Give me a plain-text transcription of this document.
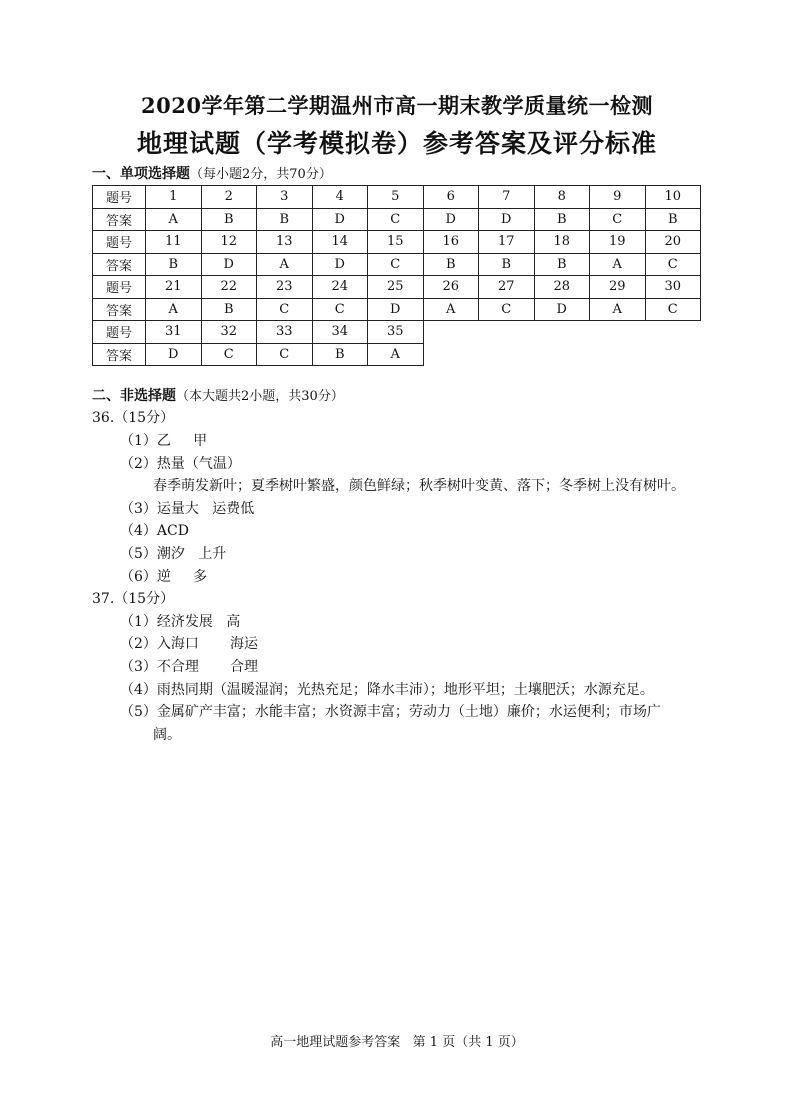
2020学年第二学期温州市高一期末教学质量统一检测
地理试题（学考模拟卷）参考答案及评分标准
一、单项选择题（每小题2分，共70分）
题号	1	2	3	4	5	6	7	8	9	10
答案	A	B	B	D	C	D	D	B	C	B
题号	11	12	13	14	15	16	17	18	19	20
答案	B	D	A	D	C	B	B	B	A	C
题号	21	22	23	24	25	26	27	28	29	30
答案	A	B	C	C	D	A	C	D	A	C
题号	31	32	33	34	35					
答案	D	C	C	B	A					
二、非选择题（本大题共2小题，共30分）
36.（15分）
（1）乙     甲
（2）热量（气温）
春季萌发新叶；夏季树叶繁盛，颜色鲜绿；秋季树叶变黄、落下；冬季树上没有树叶。
（3）运量大   运费低
（4）ACD
（5）潮汐   上升
（6）逆     多
37.（15分）
（1）经济发展   高
（2）入海口       海运
（3）不合理       合理
（4）雨热同期（温暖湿润；光热充足；降水丰沛）；地形平坦；土壤肥沃；水源充足。
（5）金属矿产丰富；水能丰富；水资源丰富；劳动力（土地）廉价；水运便利；市场广
阔。
高一地理试题参考答案   第 1 页（共 1 页）
